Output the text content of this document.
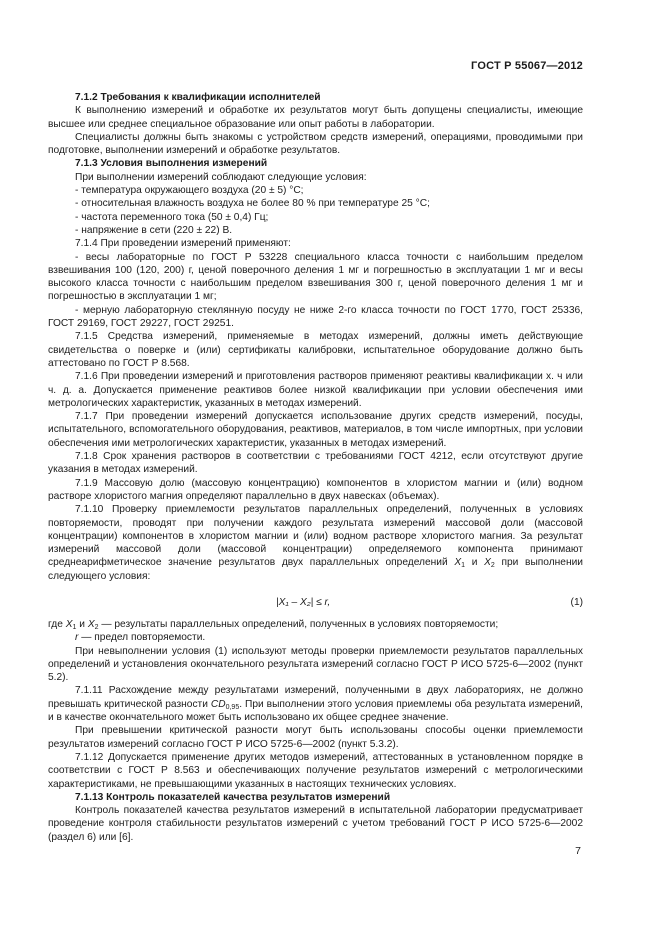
ГОСТ Р 55067—2012

7.1.2 Требования к квалификации исполнителей

К выполнению измерений и обработке их результатов могут быть допущены специалисты, имеющие высшее или среднее специальное образование или опыт работы в лаборатории.

Специалисты должны быть знакомы с устройством средств измерений, операциями, проводимыми при подготовке, выполнении измерений и обработке результатов.

7.1.3 Условия выполнения измерений

При выполнении измерений соблюдают следующие условия:

- температура окружающего воздуха (20 ± 5) °С;

- относительная влажность воздуха не более 80 % при температуре 25 °С;

- частота переменного тока (50 ± 0,4) Гц;

- напряжение в сети (220 ± 22) В.

7.1.4 При проведении измерений применяют:

- весы лабораторные по ГОСТ Р 53228 специального класса точности с наибольшим пределом взвешивания 100 (120, 200) г, ценой поверочного деления 1 мг и погрешностью в эксплуатации 1 мг и весы высокого класса точности с наибольшим пределом взвешивания 300 г, ценой поверочного деления 1 мг и погрешностью в эксплуатации 1 мг;

- мерную лабораторную стеклянную посуду не ниже 2-го класса точности по ГОСТ 1770, ГОСТ 25336, ГОСТ 29169, ГОСТ 29227, ГОСТ 29251.

7.1.5 Средства измерений, применяемые в методах измерений, должны иметь действующие свидетельства о поверке и (или) сертификаты калибровки, испытательное оборудование должно быть аттестовано по ГОСТ Р 8.568.

7.1.6 При проведении измерений и приготовления растворов применяют реактивы квалификации х. ч или ч. д. а. Допускается применение реактивов более низкой квалификации при условии обеспечения ими метрологических характеристик, указанных в методах измерений.

7.1.7 При проведении измерений допускается использование других средств измерений, посуды, испытательного, вспомогательного оборудования, реактивов, материалов, в том числе импортных, при условии обеспечения ими метрологических характеристик, указанных в методах измерений.

7.1.8 Срок хранения растворов в соответствии с требованиями ГОСТ 4212, если отсутствуют другие указания в методах измерений.

7.1.9 Массовую долю (массовую концентрацию) компонентов в хлористом магнии и (или) водном растворе хлористого магния определяют параллельно в двух навесках (объемах).

7.1.10 Проверку приемлемости результатов параллельных определений, полученных в условиях повторяемости, проводят при получении каждого результата измерений массовой доли (массовой концентрации) компонентов в хлористом магнии и (или) водном растворе хлористого магния. За результат измерений массовой доли (массовой концентрации) определяемого компонента принимают среднеарифметическое значение результатов двух параллельных определений $X_1$ и $X_2$ при выполнении следующего условия:

|X₁ – X₂| ≤ r,	(1)

где $X_1$ и $X_2$ — результаты параллельных определений, полученных в условиях повторяемости;

r — предел повторяемости.

При невыполнении условия (1) используют методы проверки приемлемости результатов параллельных определений и установления окончательного результата измерений согласно ГОСТ Р ИСО 5725-6—2002 (пункт 5.2).

7.1.11 Расхождение между результатами измерений, полученными в двух лабораториях, не должно превышать критической разности $CD_{0,95}$. При выполнении этого условия приемлемы оба результата измерений, и в качестве окончательного может быть использовано их общее среднее значение.

При превышении критической разности могут быть использованы способы оценки приемлемости результатов измерений согласно ГОСТ Р ИСО 5725-6—2002 (пункт 5.3.2).

7.1.12 Допускается применение других методов измерений, аттестованных в установленном порядке в соответствии с ГОСТ Р 8.563 и обеспечивающих получение результатов измерений с метрологическими характеристиками, не превышающими указанных в настоящих технических условиях.

7.1.13 Контроль показателей качества результатов измерений

Контроль показателей качества результатов измерений в испытательной лаборатории предусматривает проведение контроля стабильности результатов измерений с учетом требований ГОСТ Р ИСО 5725-6—2002 (раздел 6) или [6].

7
